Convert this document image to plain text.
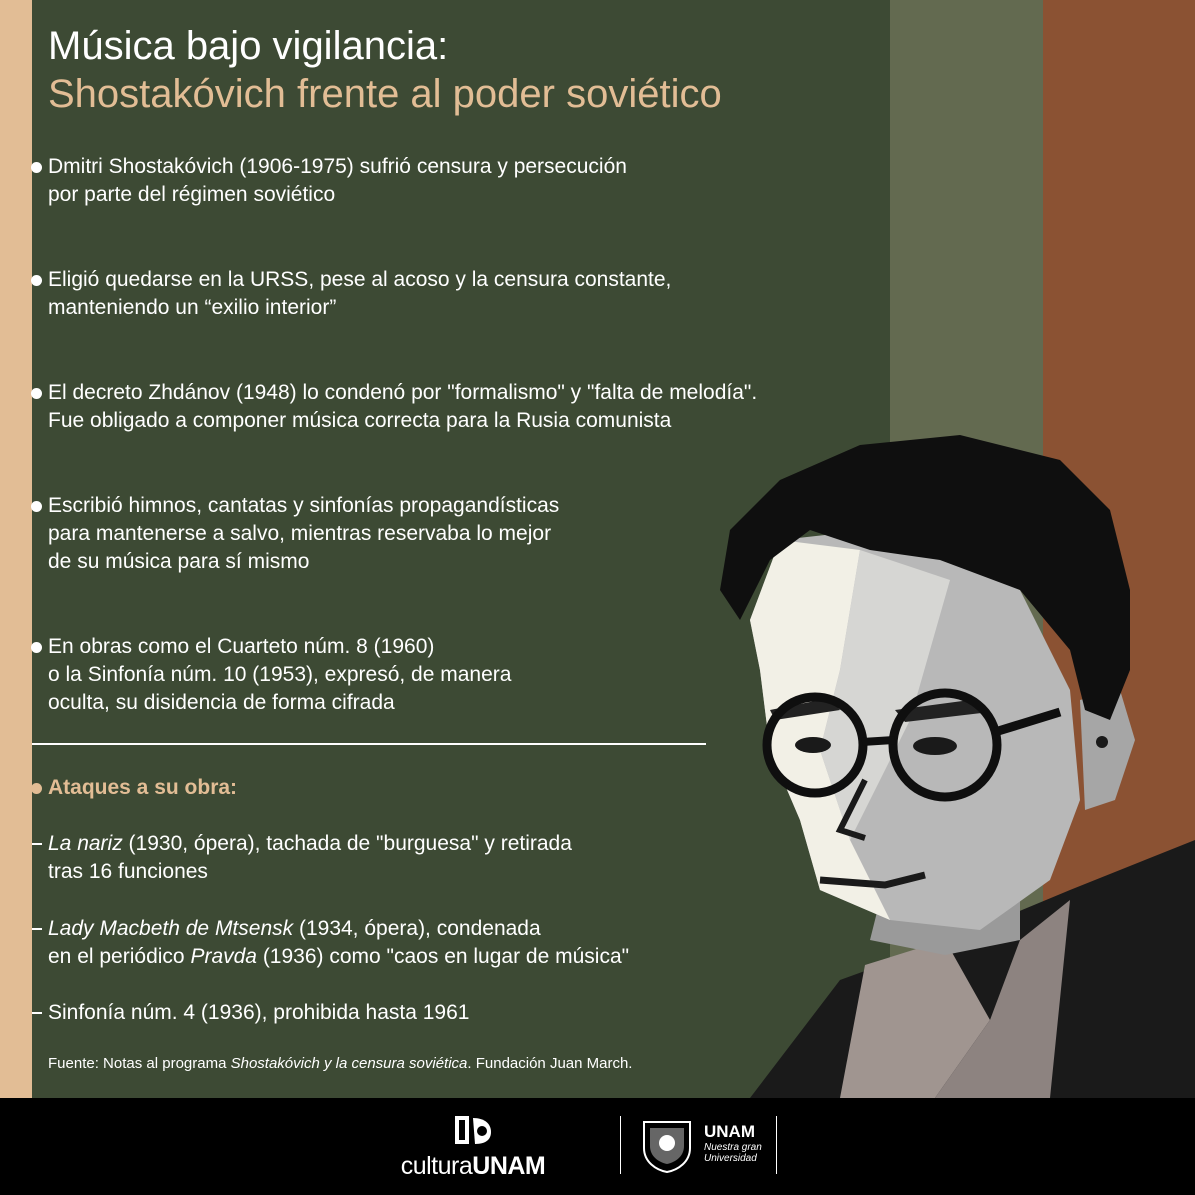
Música bajo vigilancia:
Shostakóvich frente al poder soviético

Dmitri Shostakóvich (1906-1975) sufrió censura y persecución

por parte del régimen soviético

Eligió quedarse en la URSS, pese al acoso y la censura constante,

manteniendo un “exilio interior”

El decreto Zhdánov (1948) lo condenó por "formalismo" y "falta de melodía".

Fue obligado a componer música correcta para la Rusia comunista

Escribió himnos, cantatas y sinfonías propagandísticas

para mantenerse a salvo, mientras reservaba lo mejor

de su música para sí mismo

En obras como el Cuarteto núm. 8 (1960)

o la Sinfonía núm. 10 (1953), expresó, de manera

oculta, su disidencia de forma cifrada

Ataques a su obra:

La nariz (1930, ópera), tachada de "burguesa" y retirada

tras 16 funciones

Lady Macbeth de Mtsensk (1934, ópera), condenada

en el periódico Pravda (1936) como "caos en lugar de música"

Sinfonía núm. 4 (1936), prohibida hasta 1961

Fuente: Notas al programa Shostakóvich y la censura soviética. Fundación Juan March.
culturaUNAM
UNAM
Nuestra gran
Universidad
